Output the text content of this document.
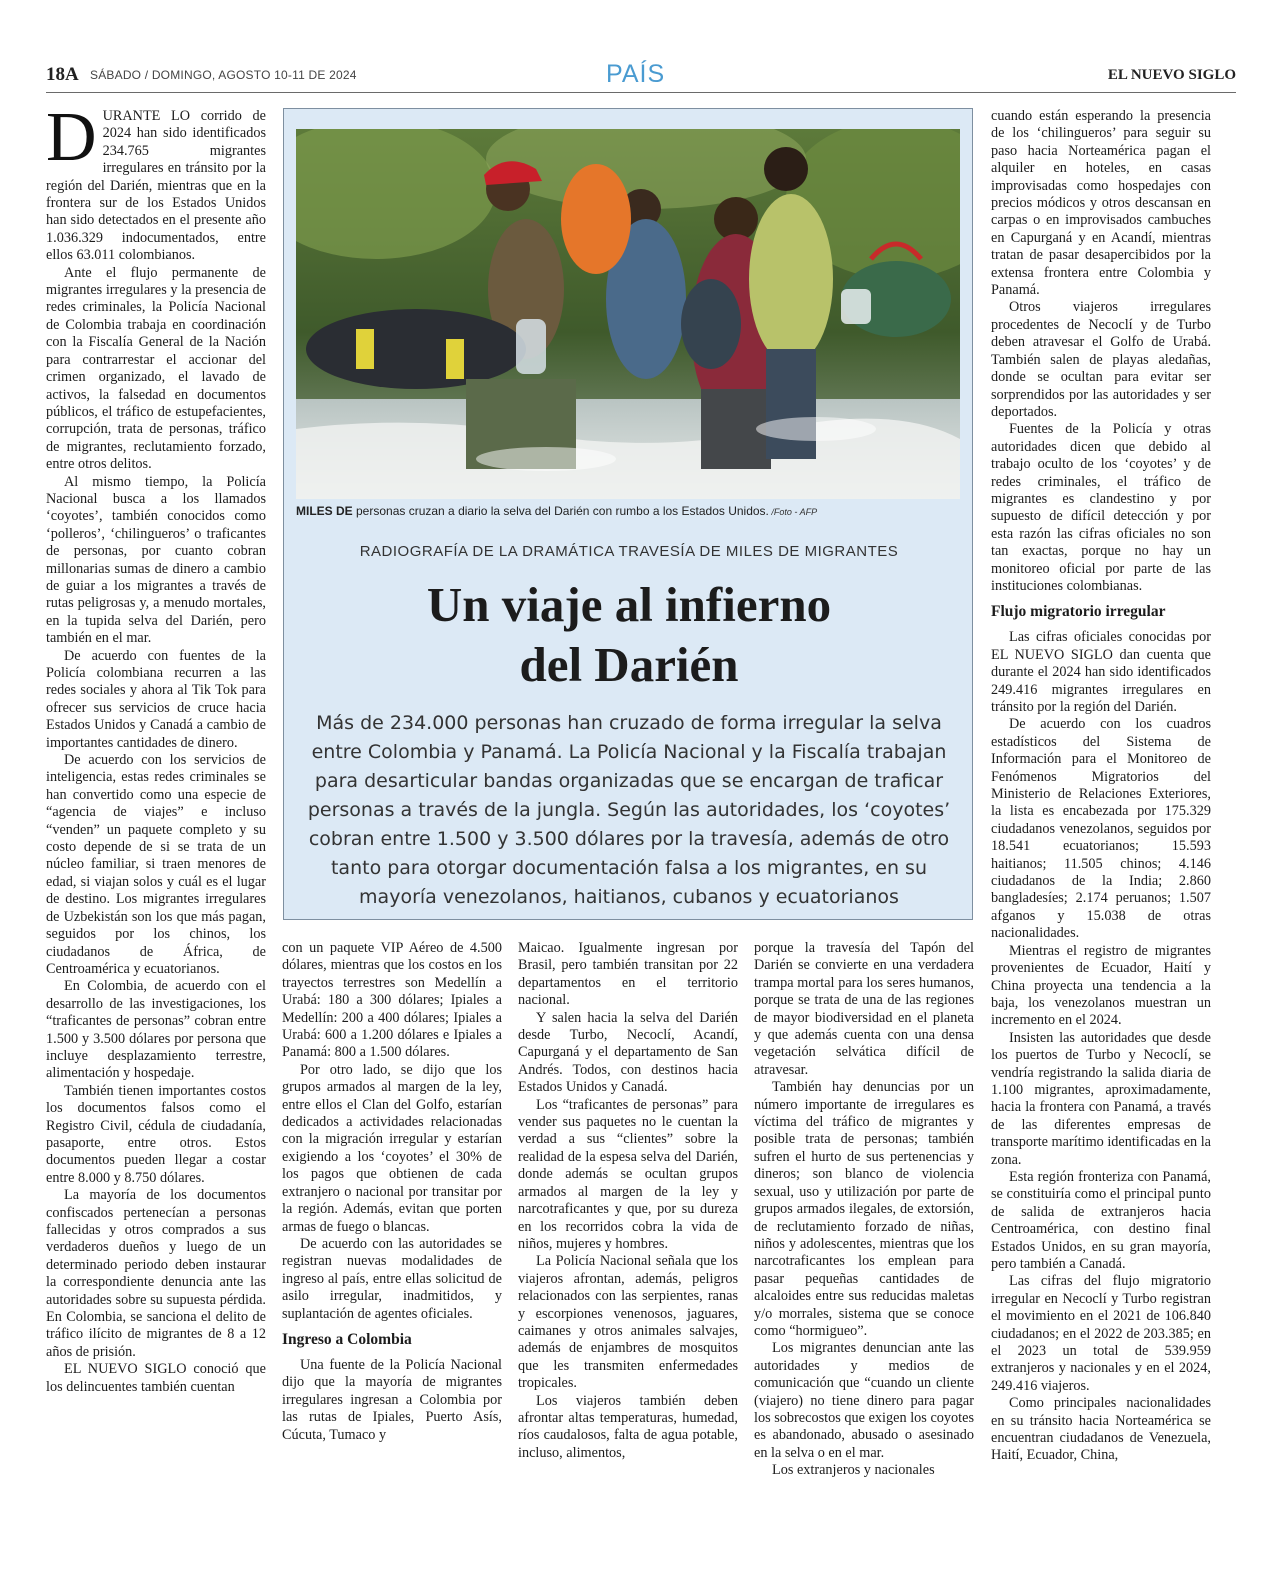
18A SÁBADO / DOMINGO, AGOSTO 10-11 DE 2024	PAÍS	EL NUEVO SIGLO

DURANTE LO corrido de 2024 han sido identificados 234.765 migrantes irregulares en tránsito por la región del Darién, mientras que en la frontera sur de los Estados Unidos han sido detectados en el presente año 1.036.329 indocumentados, entre ellos 63.011 colombianos.

Ante el flujo permanente de migrantes irregulares y la presencia de redes criminales, la Policía Nacional de Colombia trabaja en coordinación con la Fiscalía General de la Nación para contrarrestar el accionar del crimen organizado, el lavado de activos, la falsedad en documentos públicos, el tráfico de estupefacientes, corrupción, trata de personas, tráfico de migrantes, reclutamiento forzado, entre otros delitos.

Al mismo tiempo, la Policía Nacional busca a los llamados ‘coyotes’, también conocidos como ‘polleros’, ‘chilingueros’ o traficantes de personas, por cuanto cobran millonarias sumas de dinero a cambio de guiar a los migrantes a través de rutas peligrosas y, a menudo mortales, en la tupida selva del Darién, pero también en el mar.

De acuerdo con fuentes de la Policía colombiana recurren a las redes sociales y ahora al Tik Tok para ofrecer sus servicios de cruce hacia Estados Unidos y Canadá a cambio de importantes cantidades de dinero.

De acuerdo con los servicios de inteligencia, estas redes criminales se han convertido como una especie de “agencia de viajes” e incluso “venden” un paquete completo y su costo depende de si se trata de un núcleo familiar, si traen menores de edad, si viajan solos y cuál es el lugar de destino. Los migrantes irregulares de Uzbekistán son los que más pagan, seguidos por los chinos, los ciudadanos de África, de Centroamérica y ecuatorianos.

En Colombia, de acuerdo con el desarrollo de las investigaciones, los “traficantes de personas” cobran entre 1.500 y 3.500 dólares por persona que incluye desplazamiento terrestre, alimentación y hospedaje.

También tienen importantes costos los documentos falsos como el Registro Civil, cédula de ciudadanía, pasaporte, entre otros. Estos documentos pueden llegar a costar entre 8.000 y 8.750 dólares.

La mayoría de los documentos confiscados pertenecían a personas fallecidas y otros comprados a sus verdaderos dueños y luego de un determinado periodo deben instaurar la correspondiente denuncia ante las autoridades sobre su supuesta pérdida. En Colombia, se sanciona el delito de tráfico ilícito de migrantes de 8 a 12 años de prisión.

EL NUEVO SIGLO conoció que los delincuentes también cuentan

MILES DE personas cruzan a diario la selva del Darién con rumbo a los Estados Unidos. /Foto - AFP
RADIOGRAFÍA DE LA DRAMÁTICA TRAVESÍA DE MILES DE MIGRANTES
Un viaje al infierno
del Darién
Más de 234.000 personas han cruzado de forma irregular la selva entre Colombia y Panamá. La Policía Nacional y la Fiscalía trabajan para desarticular bandas organizadas que se encargan de traficar personas a través de la jungla. Según las autoridades, los ‘coyotes’ cobran entre 1.500 y 3.500 dólares por la travesía, además de otro tanto para otorgar documentación falsa a los migrantes, en su mayoría venezolanos, haitianos, cubanos y ecuatorianos

con un paquete VIP Aéreo de 4.500 dólares, mientras que los costos en los trayectos terrestres son Medellín a Urabá: 180 a 300 dólares; Ipiales a Medellín: 200 a 400 dólares; Ipiales a Urabá: 600 a 1.200 dólares e Ipiales a Panamá: 800 a 1.500 dólares.

Por otro lado, se dijo que los grupos armados al margen de la ley, entre ellos el Clan del Golfo, estarían dedicados a actividades relacionadas con la migración irregular y estarían exigiendo a los ‘coyotes’ el 30% de los pagos que obtienen de cada extranjero o nacional por transitar por la región. Además, evitan que porten armas de fuego o blancas.

De acuerdo con las autoridades se registran nuevas modalidades de ingreso al país, entre ellas solicitud de asilo irregular, inadmitidos, y suplantación de agentes oficiales.

Ingreso a Colombia

Una fuente de la Policía Nacional dijo que la mayoría de migrantes irregulares ingresan a Colombia por las rutas de Ipiales, Puerto Asís, Cúcuta, Tumaco y

Maicao. Igualmente ingresan por Brasil, pero también transitan por 22 departamentos en el territorio nacional.

Y salen hacia la selva del Darién desde Turbo, Necoclí, Acandí, Capurganá y el departamento de San Andrés. Todos, con destinos hacia Estados Unidos y Canadá.

Los “traficantes de personas” para vender sus paquetes no le cuentan la verdad a sus “clientes” sobre la realidad de la espesa selva del Darién, donde además se ocultan grupos armados al margen de la ley y narcotraficantes y que, por su dureza en los recorridos cobra la vida de niños, mujeres y hombres.

La Policía Nacional señala que los viajeros afrontan, además, peligros relacionados con las serpientes, ranas y escorpiones venenosos, jaguares, caimanes y otros animales salvajes, además de enjambres de mosquitos que les transmiten enfermedades tropicales.

Los viajeros también deben afrontar altas temperaturas, humedad, ríos caudalosos, falta de agua potable, incluso, alimentos,

porque la travesía del Tapón del Darién se convierte en una verdadera trampa mortal para los seres humanos, porque se trata de una de las regiones de mayor biodiversidad en el planeta y que además cuenta con una densa vegetación selvática difícil de atravesar.

También hay denuncias por un número importante de irregulares es víctima del tráfico de migrantes y posible trata de personas; también sufren el hurto de sus pertenencias y dineros; son blanco de violencia sexual, uso y utilización por parte de grupos armados ilegales, de extorsión, de reclutamiento forzado de niñas, niños y adolescentes, mientras que los narcotraficantes los emplean para pasar pequeñas cantidades de alcaloides entre sus reducidas maletas y/o morrales, sistema que se conoce como “hormigueo”.

Los migrantes denuncian ante las autoridades y medios de comunicación que “cuando un cliente (viajero) no tiene dinero para pagar los sobrecostos que exigen los coyotes es abandonado, abusado o asesinado en la selva o en el mar.

Los extranjeros y nacionales

cuando están esperando la presencia de los ‘chilingueros’ para seguir su paso hacia Norteamérica pagan el alquiler en hoteles, en casas improvisadas como hospedajes con precios módicos y otros descansan en carpas o en improvisados cambuches en Capurganá y en Acandí, mientras tratan de pasar desapercibidos por la extensa frontera entre Colombia y Panamá.

Otros viajeros irregulares procedentes de Necoclí y de Turbo deben atravesar el Golfo de Urabá. También salen de playas aledañas, donde se ocultan para evitar ser sorprendidos por las autoridades y ser deportados.

Fuentes de la Policía y otras autoridades dicen que debido al trabajo oculto de los ‘coyotes’ y de redes criminales, el tráfico de migrantes es clandestino y por supuesto de difícil detección y por esta razón las cifras oficiales no son tan exactas, porque no hay un monitoreo oficial por parte de las instituciones colombianas.

Flujo migratorio irregular

Las cifras oficiales conocidas por EL NUEVO SIGLO dan cuenta que durante el 2024 han sido identificados 249.416 migrantes irregulares en tránsito por la región del Darién.

De acuerdo con los cuadros estadísticos del Sistema de Información para el Monitoreo de Fenómenos Migratorios del Ministerio de Relaciones Exteriores, la lista es encabezada por 175.329 ciudadanos venezolanos, seguidos por 18.541 ecuatorianos; 15.593 haitianos; 11.505 chinos; 4.146 ciudadanos de la India; 2.860 bangladesíes; 2.174 peruanos; 1.507 afganos y 15.038 de otras nacionalidades.

Mientras el registro de migrantes provenientes de Ecuador, Haití y China proyecta una tendencia a la baja, los venezolanos muestran un incremento en el 2024.

Insisten las autoridades que desde los puertos de Turbo y Necoclí, se vendría registrando la salida diaria de 1.100 migrantes, aproximadamente, hacia la frontera con Panamá, a través de las diferentes empresas de transporte marítimo identificadas en la zona.

Esta región fronteriza con Panamá, se constituiría como el principal punto de salida de extranjeros hacia Centroamérica, con destino final Estados Unidos, en su gran mayoría, pero también a Canadá.

Las cifras del flujo migratorio irregular en Necoclí y Turbo registran el movimiento en el 2021 de 106.840 ciudadanos; en el 2022 de 203.385; en el 2023 un total de 539.959 extranjeros y nacionales y en el 2024, 249.416 viajeros.

Como principales nacionalidades en su tránsito hacia Norteamérica se encuentran ciudadanos de Venezuela, Haití, Ecuador, China,
